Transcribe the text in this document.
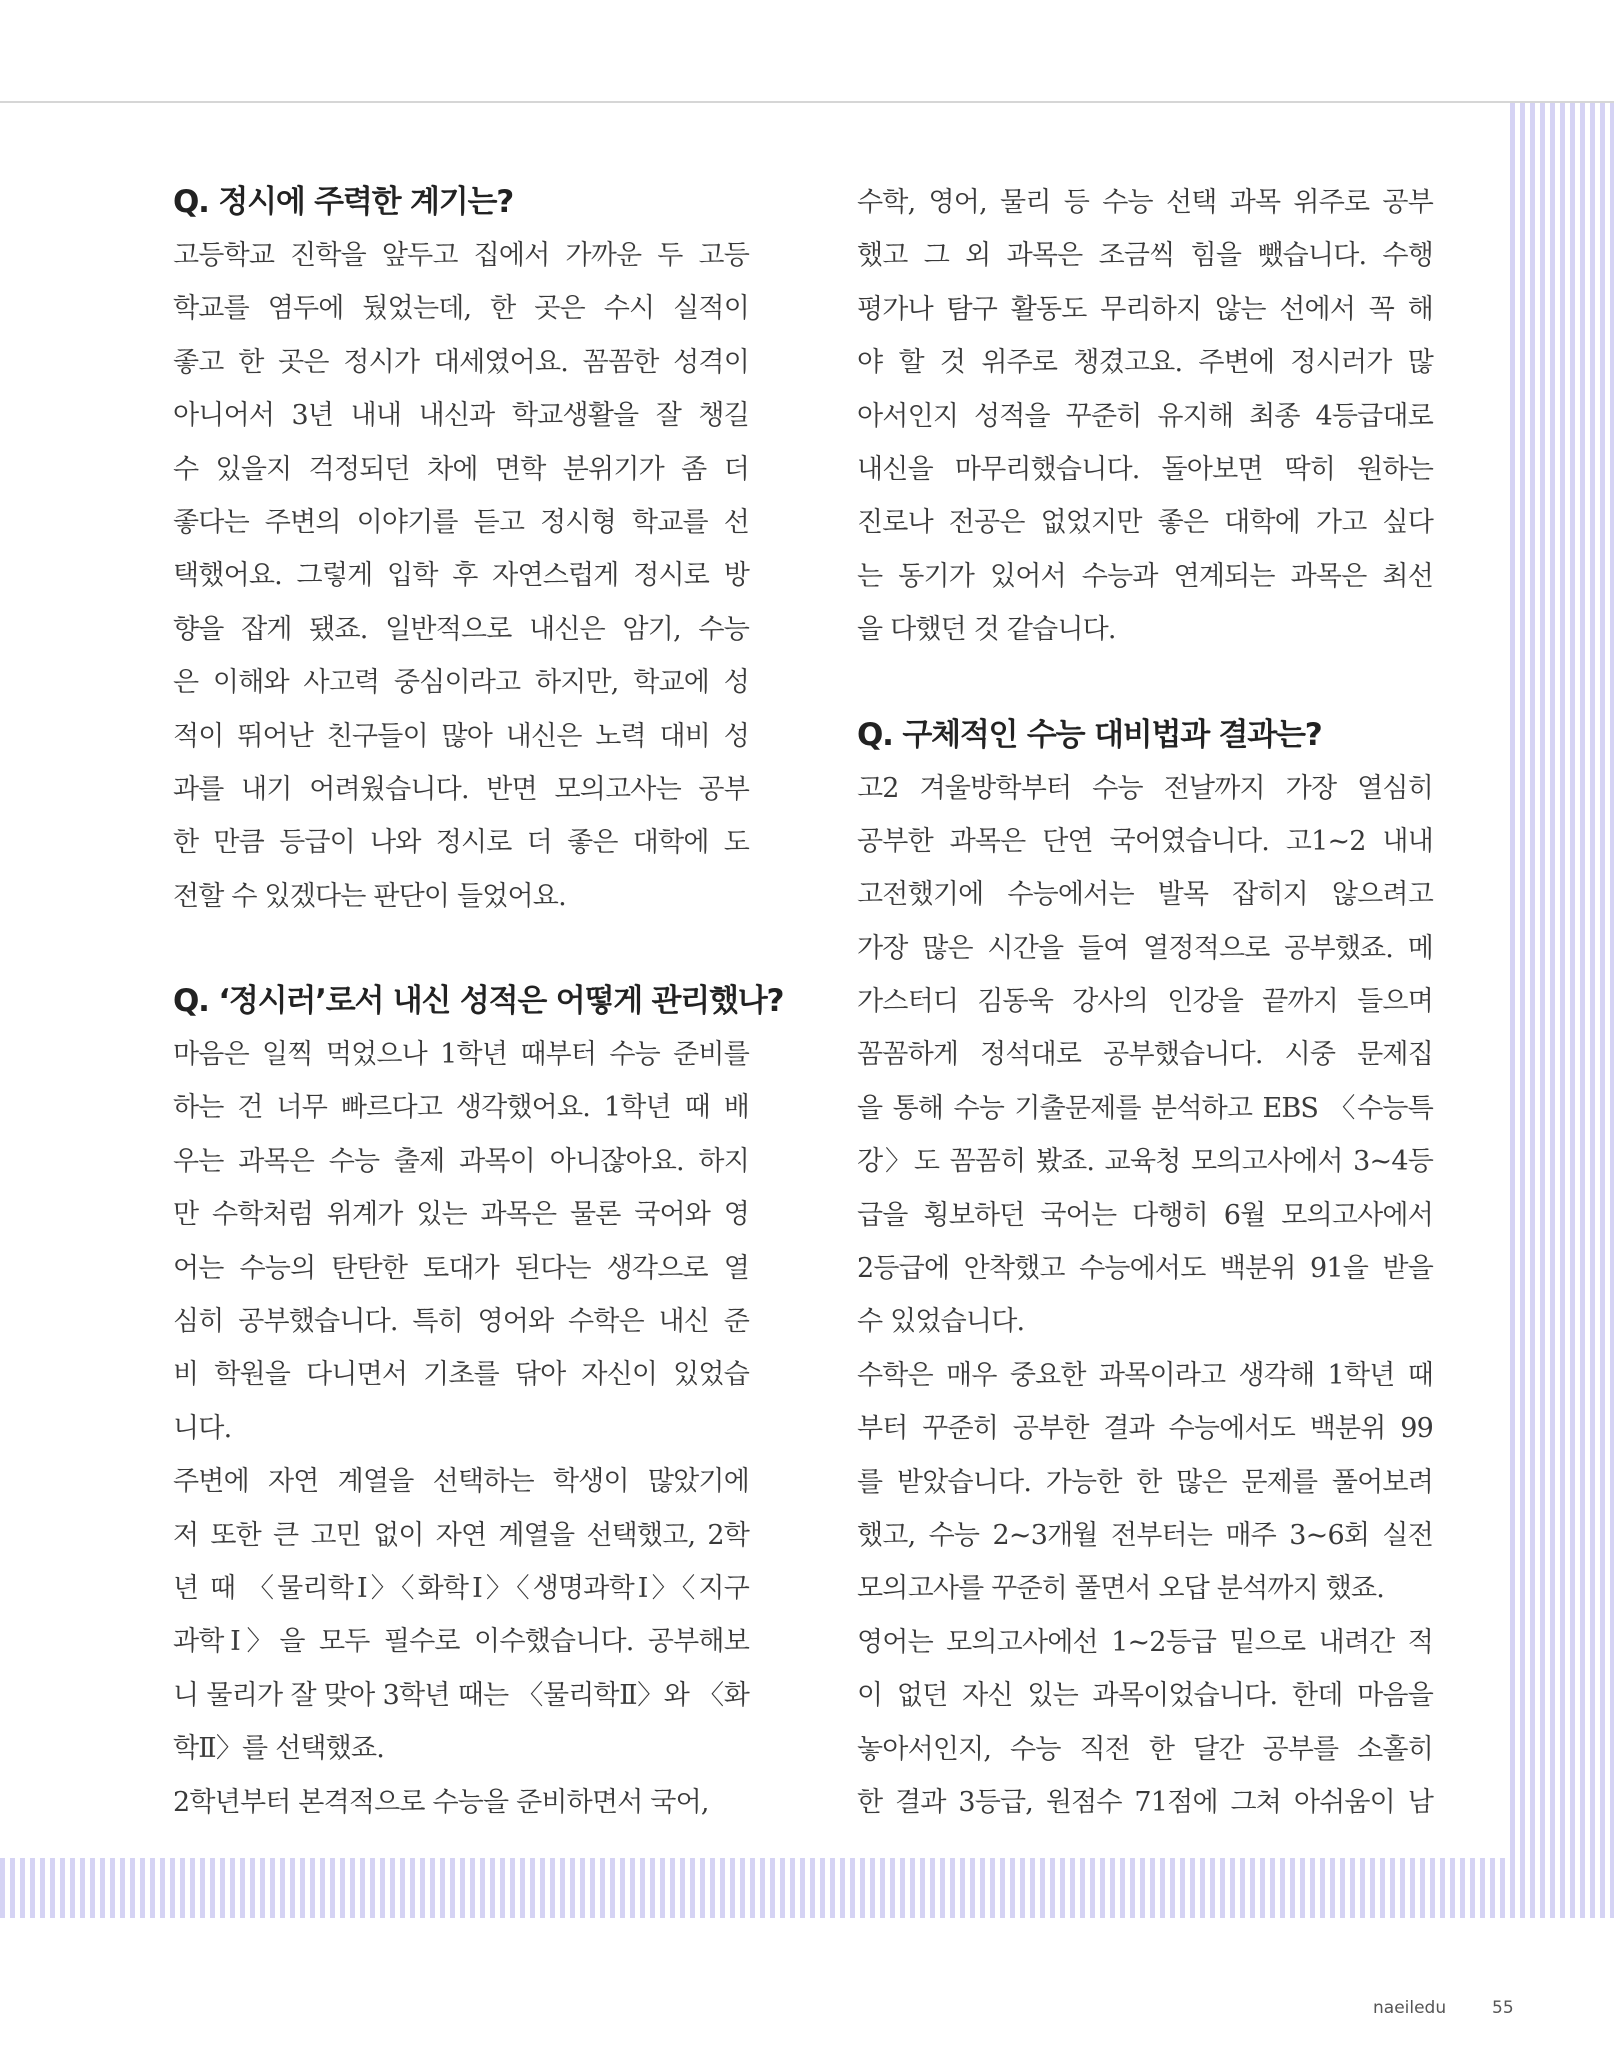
Q. 정시에 주력한 계기는?
고등학교 진학을 앞두고 집에서 가까운 두 고등
학교를 염두에 뒀었는데, 한 곳은 수시 실적이
좋고 한 곳은 정시가 대세였어요. 꼼꼼한 성격이
아니어서 3년 내내 내신과 학교생활을 잘 챙길
수 있을지 걱정되던 차에 면학 분위기가 좀 더
좋다는 주변의 이야기를 듣고 정시형 학교를 선
택했어요. 그렇게 입학 후 자연스럽게 정시로 방
향을 잡게 됐죠. 일반적으로 내신은 암기, 수능
은 이해와 사고력 중심이라고 하지만, 학교에 성
적이 뛰어난 친구들이 많아 내신은 노력 대비 성
과를 내기 어려웠습니다. 반면 모의고사는 공부
한 만큼 등급이 나와 정시로 더 좋은 대학에 도
전할 수 있겠다는 판단이 들었어요.
Q. ‘정시러’로서 내신 성적은 어떻게 관리했나?
마음은 일찍 먹었으나 1학년 때부터 수능 준비를
하는 건 너무 빠르다고 생각했어요. 1학년 때 배
우는 과목은 수능 출제 과목이 아니잖아요. 하지
만 수학처럼 위계가 있는 과목은 물론 국어와 영
어는 수능의 탄탄한 토대가 된다는 생각으로 열
심히 공부했습니다. 특히 영어와 수학은 내신 준
비 학원을 다니면서 기초를 닦아 자신이 있었습
니다.
주변에 자연 계열을 선택하는 학생이 많았기에
저 또한 큰 고민 없이 자연 계열을 선택했고, 2학
년 때 〈물리학Ⅰ〉〈화학Ⅰ〉〈생명과학Ⅰ〉〈지구
과학Ⅰ〉을 모두 필수로 이수했습니다. 공부해보
니 물리가 잘 맞아 3학년 때는 〈물리학Ⅱ〉와 〈화
학Ⅱ〉를 선택했죠.
2학년부터 본격적으로 수능을 준비하면서 국어,
수학, 영어, 물리 등 수능 선택 과목 위주로 공부
했고 그 외 과목은 조금씩 힘을 뺐습니다. 수행
평가나 탐구 활동도 무리하지 않는 선에서 꼭 해
야 할 것 위주로 챙겼고요. 주변에 정시러가 많
아서인지 성적을 꾸준히 유지해 최종 4등급대로
내신을 마무리했습니다. 돌아보면 딱히 원하는
진로나 전공은 없었지만 좋은 대학에 가고 싶다
는 동기가 있어서 수능과 연계되는 과목은 최선
을 다했던 것 같습니다.
Q. 구체적인 수능 대비법과 결과는?
고2 겨울방학부터 수능 전날까지 가장 열심히
공부한 과목은 단연 국어였습니다. 고1~2 내내
고전했기에 수능에서는 발목 잡히지 않으려고
가장 많은 시간을 들여 열정적으로 공부했죠. 메
가스터디 김동욱 강사의 인강을 끝까지 들으며
꼼꼼하게 정석대로 공부했습니다. 시중 문제집
을 통해 수능 기출문제를 분석하고 EBS 〈수능특
강〉도 꼼꼼히 봤죠. 교육청 모의고사에서 3~4등
급을 횡보하던 국어는 다행히 6월 모의고사에서
2등급에 안착했고 수능에서도 백분위 91을 받을
수 있었습니다.
수학은 매우 중요한 과목이라고 생각해 1학년 때
부터 꾸준히 공부한 결과 수능에서도 백분위 99
를 받았습니다. 가능한 한 많은 문제를 풀어보려
했고, 수능 2~3개월 전부터는 매주 3~6회 실전
모의고사를 꾸준히 풀면서 오답 분석까지 했죠.
영어는 모의고사에선 1~2등급 밑으로 내려간 적
이 없던 자신 있는 과목이었습니다. 한데 마음을
놓아서인지, 수능 직전 한 달간 공부를 소홀히
한 결과 3등급, 원점수 71점에 그쳐 아쉬움이 남
naeiledu	55
